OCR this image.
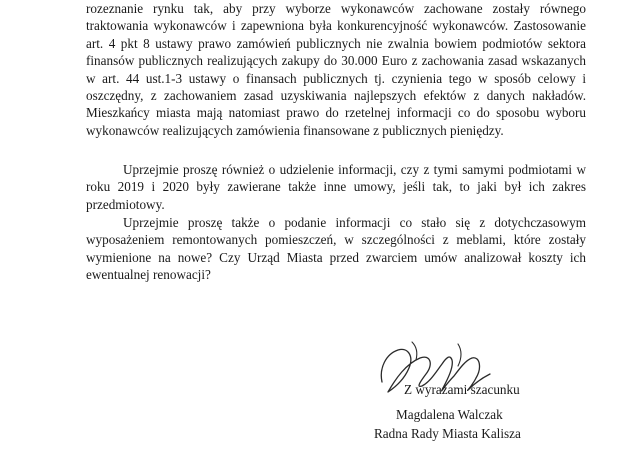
rozeznanie rynku tak, aby przy wyborze wykonawców zachowane zostały równego
traktowania wykonawców i zapewniona była konkurencyjność wykonawców. Zastosowanie
art. 4 pkt 8 ustawy prawo zamówień publicznych nie zwalnia bowiem podmiotów sektora
finansów publicznych realizujących zakupy do 30.000 Euro z zachowania zasad wskazanych
w art. 44 ust.1-3 ustawy o finansach publicznych tj. czynienia tego w sposób celowy i
oszczędny, z zachowaniem zasad uzyskiwania najlepszych efektów z danych nakładów.
Mieszkańcy miasta mają natomiast prawo do rzetelnej informacji co do sposobu wyboru
wykonawców realizujących zamówienia finansowane z publicznych pieniędzy.
Uprzejmie proszę również o udzielenie informacji, czy z tymi samymi podmiotami w
roku 2019 i 2020 były zawierane także inne umowy, jeśli tak, to jaki był ich zakres
przedmiotowy.
Uprzejmie proszę także o podanie informacji co stało się z dotychczasowym
wyposażeniem remontowanych pomieszczeń, w szczególności z meblami, które zostały
wymienione na nowe? Czy Urząd Miasta przed zwarciem umów analizował koszty ich
ewentualnej renowacji?
Z wyrazami szacunku
Magdalena Walczak
Radna Rady Miasta Kalisza
